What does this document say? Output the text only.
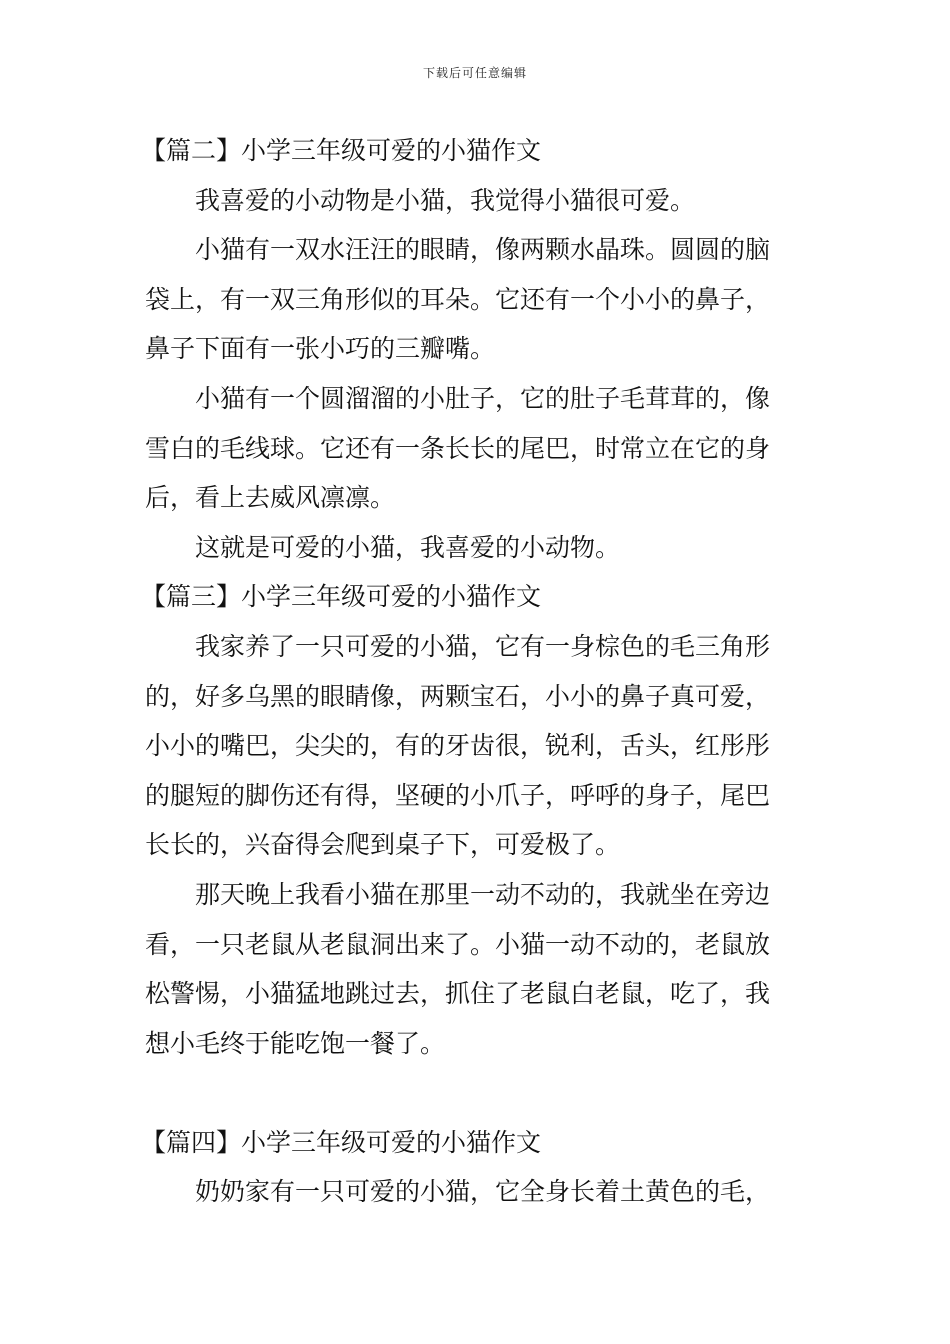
下载后可任意编辑
【篇二】小学三年级可爱的小猫作文
我喜爱的小动物是小猫，我觉得小猫很可爱。
小猫有一双水汪汪的眼睛，像两颗水晶珠。圆圆的脑
袋上，有一双三角形似的耳朵。它还有一个小小的鼻子，
鼻子下面有一张小巧的三瓣嘴。
小猫有一个圆溜溜的小肚子，它的肚子毛茸茸的，像
雪白的毛线球。它还有一条长长的尾巴，时常立在它的身
后，看上去威风凛凛。
这就是可爱的小猫，我喜爱的小动物。
【篇三】小学三年级可爱的小猫作文
我家养了一只可爱的小猫，它有一身棕色的毛三角形
的，好多乌黑的眼睛像，两颗宝石，小小的鼻子真可爱，
小小的嘴巴，尖尖的，有的牙齿很，锐利，舌头，红彤彤
的腿短的脚伤还有得，坚硬的小爪子，呼呼的身子，尾巴
长长的，兴奋得会爬到桌子下，可爱极了。
那天晚上我看小猫在那里一动不动的，我就坐在旁边
看，一只老鼠从老鼠洞出来了。小猫一动不动的，老鼠放
松警惕，小猫猛地跳过去，抓住了老鼠白老鼠，吃了，我
想小毛终于能吃饱一餐了。
【篇四】小学三年级可爱的小猫作文
奶奶家有一只可爱的小猫，它全身长着土黄色的毛，
